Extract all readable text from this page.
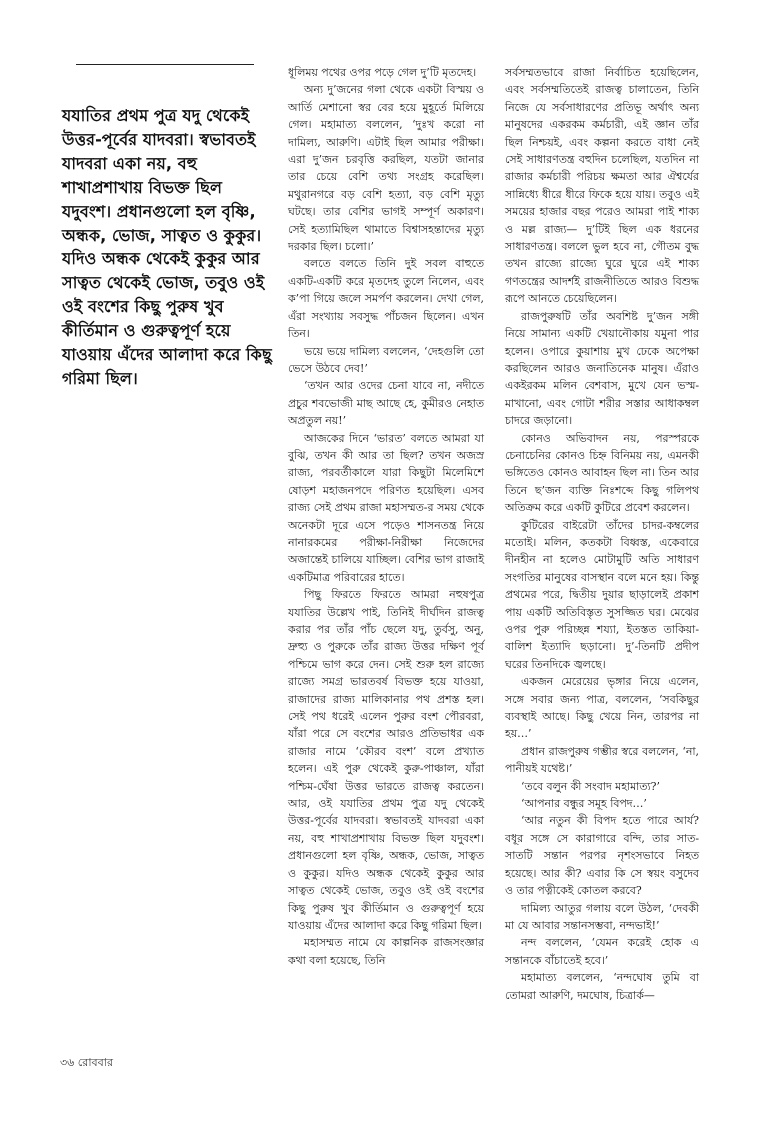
যযাতির প্রথম পুত্র যদু থেকেই উত্তর-পূর্বের যাদবরা। স্বভাবতই যাদবরা একা নয়, বহু শাখাপ্রশাখায় বিভক্ত ছিল যদুবংশ। প্রধানগুলো হল বৃষ্ণি, অন্ধক, ভোজ, সাত্বত ও কুকুর। যদিও অন্ধক থেকেই কুকুর আর সাত্বত থেকেই ভোজ, তবুও ওই ওই বংশের কিছু পুরুষ খুব কীর্তিমান ও গুরুত্বপূর্ণ হয়ে যাওয়ায় এঁদের আলাদা করে কিছু গরিমা ছিল।

ধূলিময় পথের ওপর পড়ে গেল দু’টি মৃতদেহ।

অন্য দু’জনের গলা থেকে একটা বিস্ময় ও আর্তি মেশানো স্বর বের হয়ে মুহূর্তে মিলিয়ে গেল। মহামাত্য বললেন, ‘দুঃখ করো না দামিল্য, আরুণি। এটাই ছিল আমার পরীক্ষা। এরা দু’জন চরবৃত্তি করছিল, যতটা জানার তার চেয়ে বেশি তথ্য সংগ্রহ করেছিল। মথুরানগরে বড় বেশি হত্যা, বড় বেশি মৃত্যু ঘটছে। তার বেশির ভাগই সম্পূর্ণ অকারণ। সেই হত্যামিছিল থামাতে বিশ্বাসহন্তাদের মৃত্যু দরকার ছিল। চলো।’

বলতে বলতে তিনি দুই সবল বাহুতে একটি-একটি করে মৃতদেহ তুলে নিলেন, এবং ক’পা গিয়ে জলে সমর্পণ করলেন। দেখা গেল, এঁরা সংখ্যায় সবসুদ্ধ পাঁচজন ছিলেন। এখন তিন।

ভয়ে ভয়ে দামিল্য বললেন, ‘দেহগুলি তো ভেসে উঠবে দেব!’

‘তখন আর ওদের চেনা যাবে না, নদীতে প্রচুর শবভোজী মাছ আছে হে, কুমীরও নেহাত অপ্রতুল নয়!’

আজকের দিনে ‘ভারত’ বলতে আমরা যা বুঝি, তখন কী আর তা ছিল? তখন অজস্র রাজ্য, পরবর্তীকালে যারা কিছুটা মিলেমিশে ষোড়শ মহাজনপদে পরিণত হয়েছিল। এসব রাজ্য সেই প্রথম রাজা মহাসম্মত-র সময় থেকে অনেকটা দূরে এসে পড়েও শাসনতন্ত্র নিয়ে নানারকমের পরীক্ষা-নিরীক্ষা নিজেদের অজান্তেই চালিয়ে যাচ্ছিল। বেশির ভাগ রাজাই একটিমাত্র পরিবারের হাতে।

পিছু ফিরতে ফিরতে আমরা নহুষপুত্র যযাতির উল্লেখ পাই, তিনিই দীর্ঘদিন রাজত্ব করার পর তাঁর পাঁচ ছেলে যদু, তুর্বসু, অনু, দ্রুহ্যু ও পুরুকে তাঁর রাজ্য উত্তর দক্ষিণ পূর্ব পশ্চিমে ভাগ করে দেন। সেই শুরু হল রাজ্যে রাজ্যে সমগ্র ভারতবর্ষ বিভক্ত হয়ে যাওয়া, রাজাদের রাজ্য মালিকানার পথ প্রশস্ত হল। সেই পথ ধরেই এলেন পুরুর বংশ পৌরবরা, যাঁরা পরে সে বংশের আরও প্রতিভাধর এক রাজার নামে ‘কৌরব বংশ’ বলে প্রখ্যাত হলেন। এই পুরু থেকেই কুরু-পাঞ্চাল, যাঁরা পশ্চিম-ঘেঁষা উত্তর ভারতে রাজত্ব করতেন। আর, ওই যযাতির প্রথম পুত্র যদু থেকেই উত্তর-পূর্বের যাদবরা। স্বভাবতই যাদবরা একা নয়, বহু শাখাপ্রশাখায় বিভক্ত ছিল যদুবংশ। প্রধানগুলো হল বৃষ্ণি, অন্ধক, ভোজ, সাত্বত ও কুকুর। যদিও অন্ধক থেকেই কুকুর আর সাত্বত থেকেই ভোজ, তবুও ওই ওই বংশের কিছু পুরুষ খুব কীর্তিমান ও গুরুত্বপূর্ণ হয়ে যাওয়ায় এঁদের আলাদা করে কিছু গরিমা ছিল।

মহাসম্মত নামে যে কাল্পনিক রাজসংজ্ঞার কথা বলা হয়েছে, তিনি

সর্বসম্মতভাবে রাজা নির্বাচিত হয়েছিলেন, এবং সর্বসম্মতিতেই রাজত্ব চালাতেন, তিনি নিজে যে সর্বসাধারণের প্রতিভূ অর্থাৎ অন্য মানুষদের একরকম কর্মচারী, এই জ্ঞান তাঁর ছিল নিশ্চয়ই, এবং কল্পনা করতে বাধা নেই সেই সাধারণতন্ত্র বহুদিন চলেছিল, যতদিন না রাজার কর্মচারী পরিচয় ক্ষমতা আর ঐশ্বর্যের সান্নিধ্যে ধীরে ধীরে ফিকে হয়ে যায়। তবুও এই সময়ের হাজার বছর পরেও আমরা পাই শাক্য ও মল্ল রাজ্য— দু’টিই ছিল এক ধরনের সাধারণতন্ত্র। বললে ভুল হবে না, গৌতম বুদ্ধ তখন রাজ্যে রাজ্যে ঘুরে ঘুরে এই শাক্য গণতন্ত্রের আদর্শই রাজনীতিতে আরও বিশুদ্ধ রূপে আনতে চেয়েছিলেন।

রাজপুরুষটি তাঁর অবশিষ্ট দু’জন সঙ্গী নিয়ে সামান্য একটি খেয়ানৌকায় যমুনা পার হলেন। ওপারে কুয়াশায় মুখ ঢেকে অপেক্ষা করছিলেন আরও জনাতিনেক মানুষ। এঁরাও একইরকম মলিন বেশবাস, মুখে যেন ভস্ম-মাখানো, এবং গোটা শরীর সস্তার আধাকম্বল চাদরে জড়ানো।

কোনও অভিবাদন নয়, পরস্পরকে চেনাচেনির কোনও চিহ্ন বিনিময় নয়, এমনকী ভঙ্গিতেও কোনও আবাহন ছিল না। তিন আর তিনে ছ’জন ব্যক্তি নিঃশব্দে কিছু গলিপথ অতিক্রম করে একটি কুটিরে প্রবেশ করলেন।

কুটিরের বাইরেটা তাঁদের চাদর-কম্বলের মতোই। মলিন, কতকটা বিধ্বস্ত, একেবারে দীনহীন না হলেও মোটামুটি অতি সাধারণ সংগতির মানুষের বাসস্থান বলে মনে হয়। কিন্তু প্রথমের পরে, দ্বিতীয় দুয়ার ছাড়ালেই প্রকাশ পায় একটি অতিবিস্তৃত সুসজ্জিত ঘর। মেঝের ওপর পুরু পরিচ্ছন্ন শয্যা, ইতস্তত তাকিয়া-বালিশ ইত্যাদি ছড়ানো। দু’-তিনটি প্রদীপ ঘরের তিনদিকে জ্বলছে।

একজন মেরেয়ের ভৃঙ্গার নিয়ে এলেন, সঙ্গে সবার জন্য পাত্র, বললেন, ‘সবকিছুর ব্যবস্থাই আছে। কিছু খেয়ে নিন, তারপর না হয়…’

প্রধান রাজপুরুষ গম্ভীর স্বরে বললেন, ‘না, পানীয়ই যথেষ্ট।’

‘তবে বলুন কী সংবাদ মহামাত্য?’

‘আপনার বন্ধুর সমূহ বিপদ…’

‘আর নতুন কী বিপদ হতে পারে আর্য? বধূর সঙ্গে সে কারাগারে বন্দি, তার সাত-সাতটি সন্তান পরপর নৃশংসভাবে নিহত হয়েছে। আর কী? এবার কি সে স্বয়ং বসুদেব ও তার পত্নীকেই কোতল করবে?

দামিল্য আতুর গলায় বলে উঠল, ‘দেবকী মা যে আবার সন্তানসম্ভবা, নন্দভাই!’

নন্দ বললেন, ‘যেমন করেই হোক এ সন্তানকে বাঁচাতেই হবে।’

মহামাত্য বললেন, ‘নন্দঘোষ তুমি বা তোমরা আরুণি, দমঘোষ, চিত্রার্ক—

৩৬ রোববার
